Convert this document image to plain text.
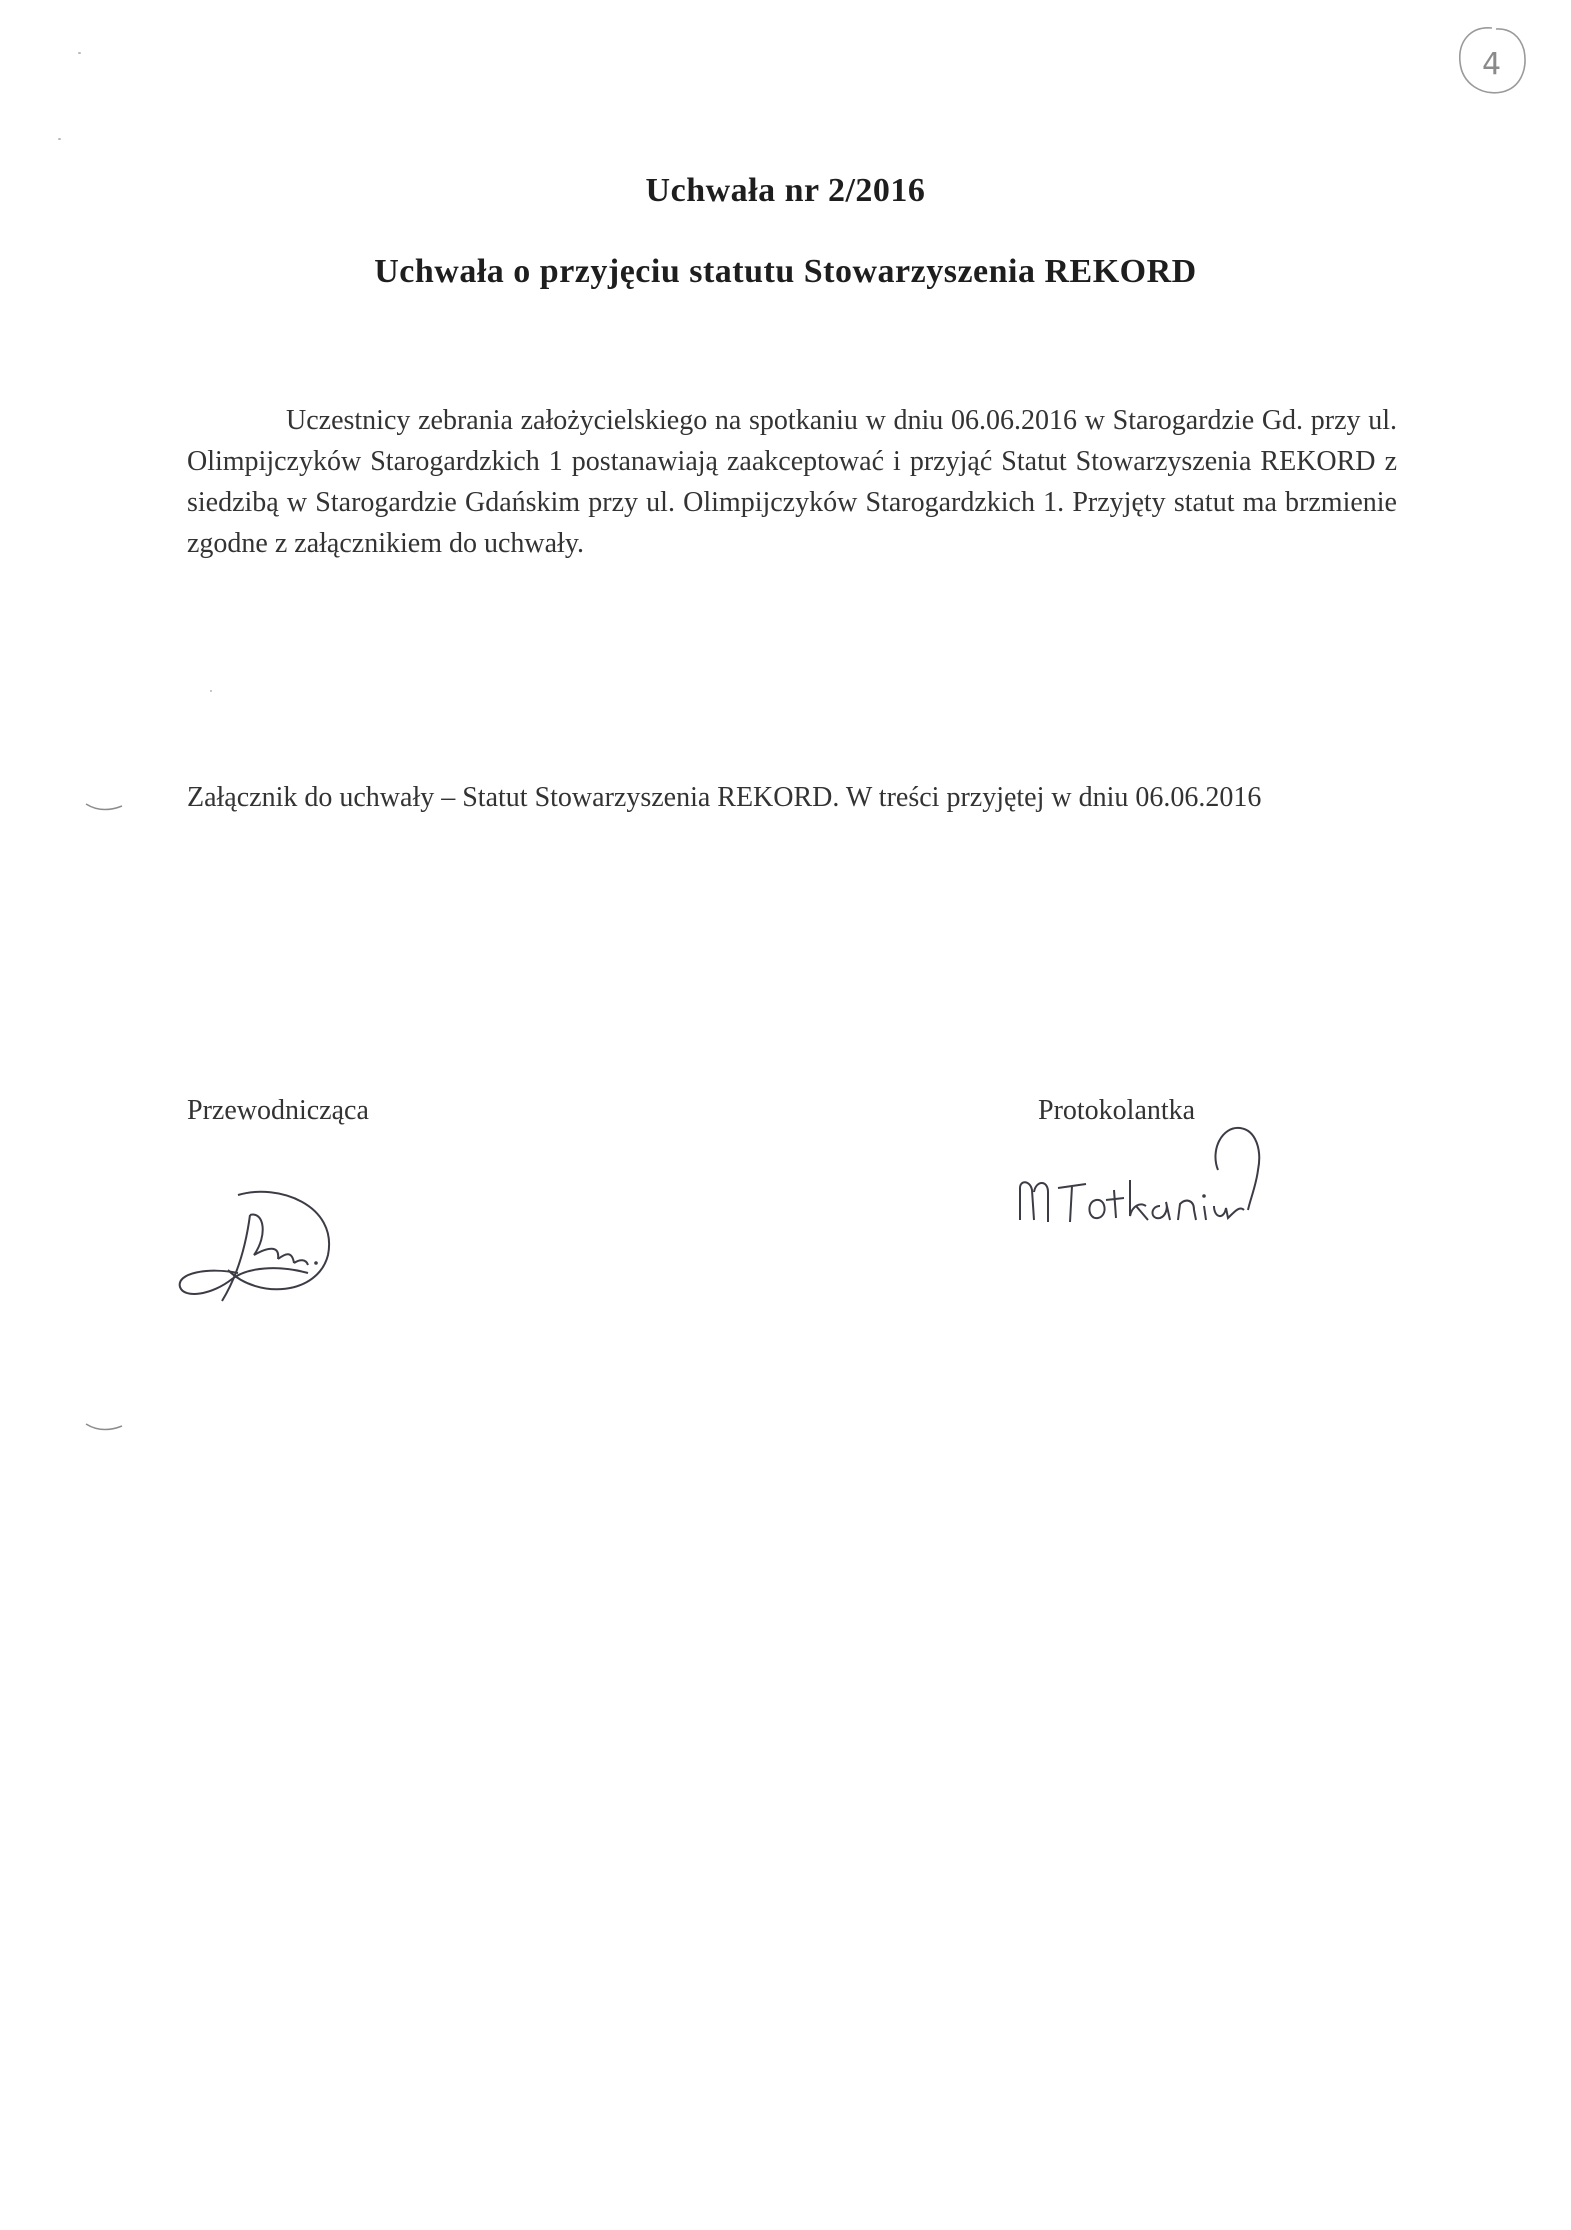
4
Uchwała nr 2/2016
Uchwała o przyjęciu statutu Stowarzyszenia REKORD

Uczestnicy zebrania założycielskiego na spotkaniu w dniu 06.06.2016 w Starogardzie Gd. przy ul. Olimpijczyków Starogardzkich 1 postanawiają zaakceptować i przyjąć Statut Stowarzyszenia REKORD z siedzibą w Starogardzie Gdańskim przy ul. Olimpijczyków Starogardzkich 1. Przyjęty statut ma brzmienie zgodne z załącznikiem do uchwały.

Załącznik do uchwały – Statut Stowarzyszenia REKORD. W treści przyjętej w dniu 06.06.2016

Przewodnicząca	Protokolantka
